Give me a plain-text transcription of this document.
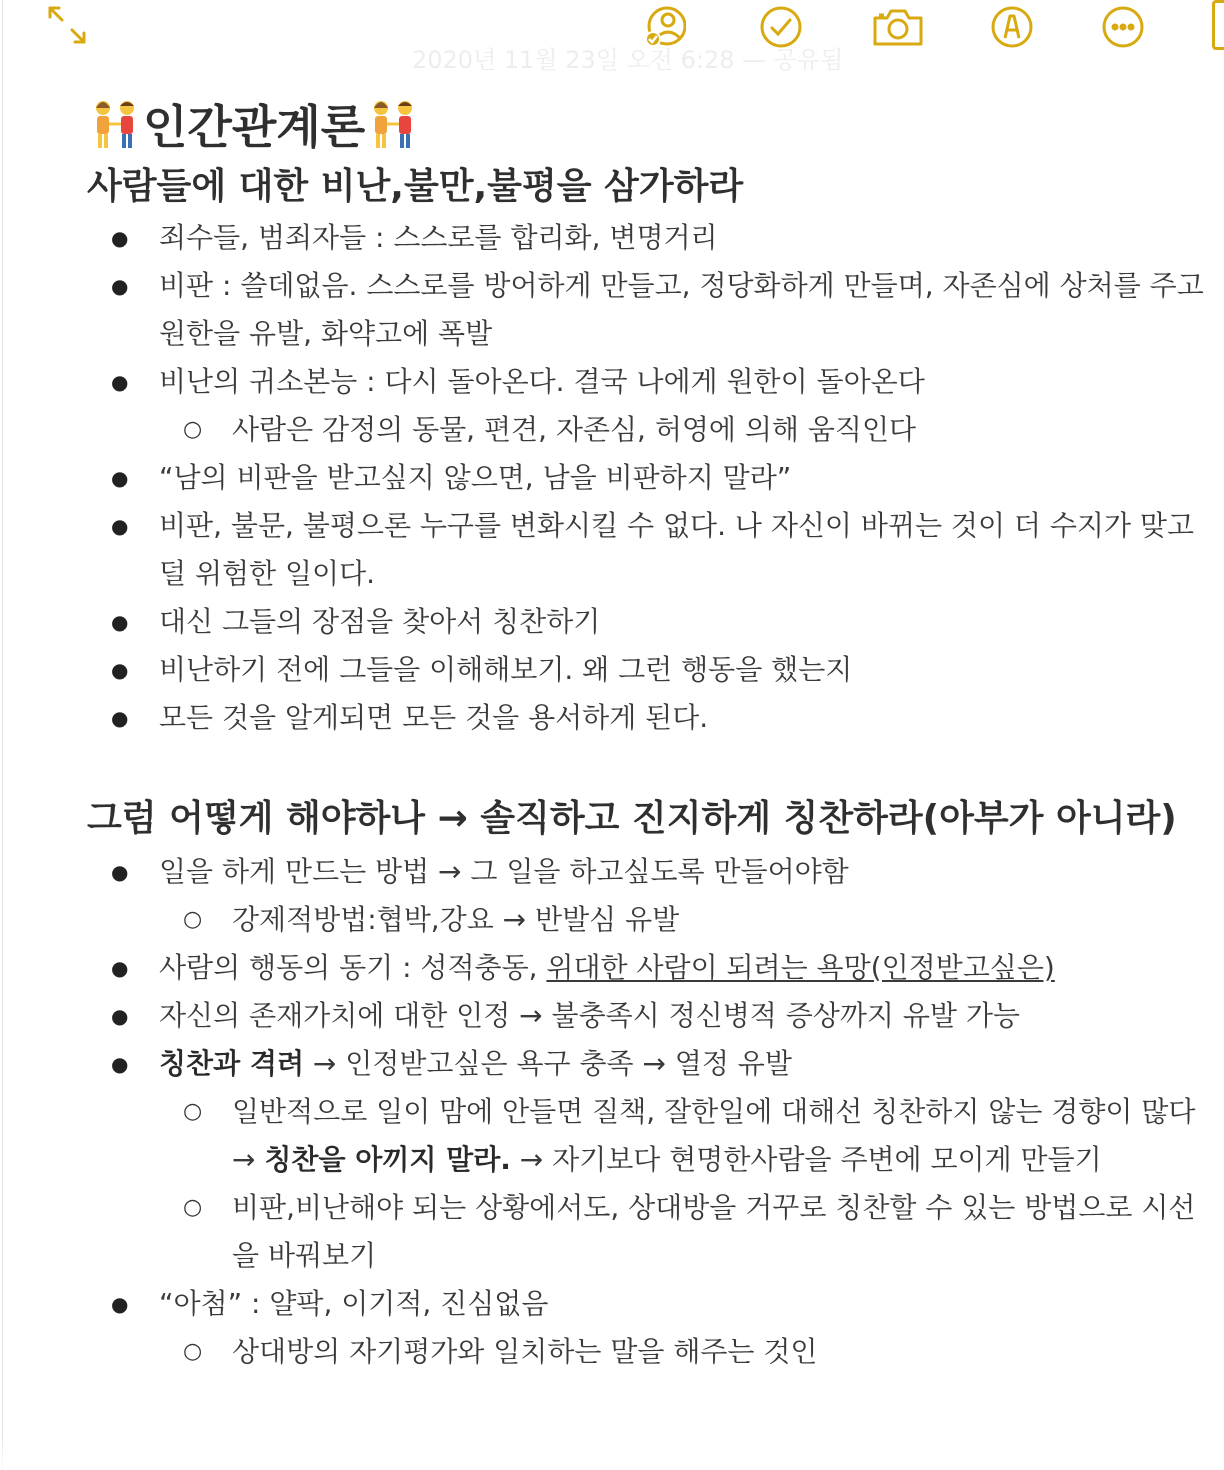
2020년 11월 23일 오전 6:28 — 공유됨
인간관계론
사람들에 대한 비난,불만,불평을 삼가하라
● 죄수들, 범죄자들 : 스스로를 합리화, 변명거리
● 비판 : 쓸데없음. 스스로를 방어하게 만들고, 정당화하게 만들며, 자존심에 상처를 주고 원한을 유발, 화약고에 폭발
● 비난의 귀소본능 : 다시 돌아온다. 결국 나에게 원한이 돌아온다
○ 사람은 감정의 동물, 편견, 자존심, 허영에 의해 움직인다
● “남의 비판을 받고싶지 않으면, 남을 비판하지 말라”
● 비판, 불문, 불평으론 누구를 변화시킬 수 없다. 나 자신이 바뀌는 것이 더 수지가 맞고 덜 위험한 일이다.
● 대신 그들의 장점을 찾아서 칭찬하기
● 비난하기 전에 그들을 이해해보기. 왜 그런 행동을 했는지
● 모든 것을 알게되면 모든 것을 용서하게 된다.
그럼 어떻게 해야하나 → 솔직하고 진지하게 칭찬하라(아부가 아니라)
● 일을 하게 만드는 방법 → 그 일을 하고싶도록 만들어야함
○ 강제적방법:협박,강요 → 반발심 유발
● 사람의 행동의 동기 : 성적충동, 위대한 사람이 되려는 욕망(인정받고싶은)
● 자신의 존재가치에 대한 인정 → 불충족시 정신병적 증상까지 유발 가능
● 칭찬과 격려 → 인정받고싶은 욕구 충족 → 열정 유발
○ 일반적으로 일이 맘에 안들면 질책, 잘한일에 대해선 칭찬하지 않는 경향이 많다 → 칭찬을 아끼지 말라. → 자기보다 현명한사람을 주변에 모이게 만들기
○ 비판,비난해야 되는 상황에서도, 상대방을 거꾸로 칭찬할 수 있는 방법으로 시선을 바꿔보기
● “아첨” : 얄팍, 이기적, 진심없음
○ 상대방의 자기평가와 일치하는 말을 해주는 것인
